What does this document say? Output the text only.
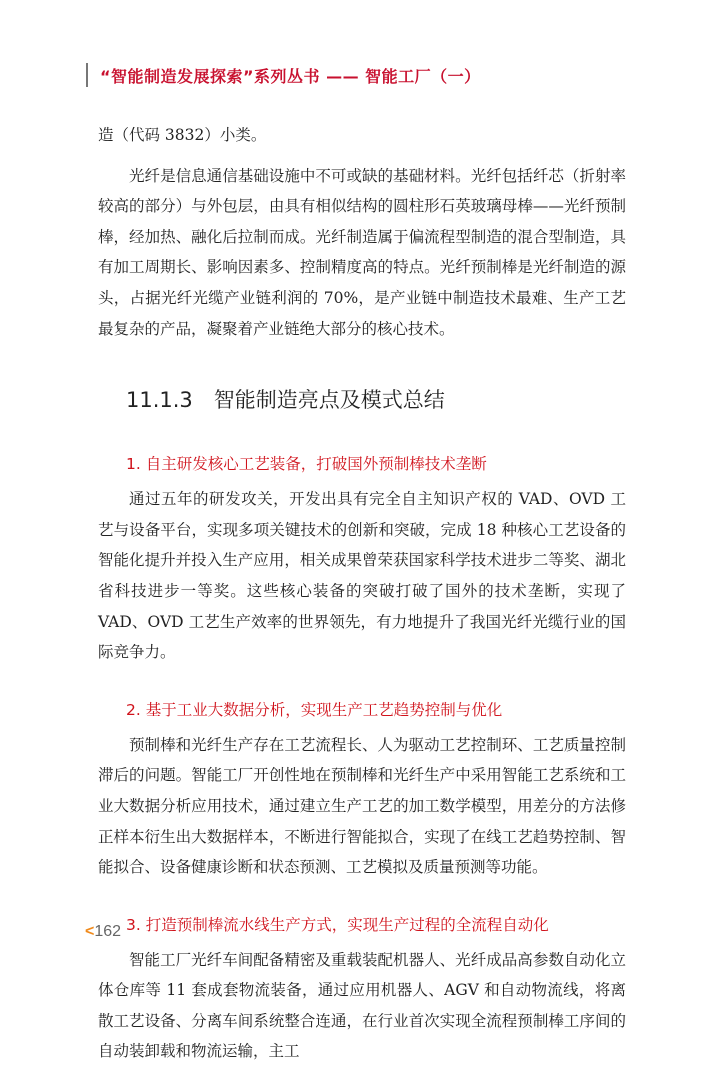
“智能制造发展探索”系列丛书 —— 智能工厂（一）

造（代码 3832）小类。

光纤是信息通信基础设施中不可或缺的基础材料。光纤包括纤芯（折射率较高的部分）与外包层，由具有相似结构的圆柱形石英玻璃母棒——光纤预制棒，经加热、融化后拉制而成。光纤制造属于偏流程型制造的混合型制造，具有加工周期长、影响因素多、控制精度高的特点。光纤预制棒是光纤制造的源头，占据光纤光缆产业链利润的 70%，是产业链中制造技术最难、生产工艺最复杂的产品，凝聚着产业链绝大部分的核心技术。

11.1.3　智能制造亮点及模式总结
1. 自主研发核心工艺装备，打破国外预制棒技术垄断

通过五年的研发攻关，开发出具有完全自主知识产权的 VAD、OVD 工艺与设备平台，实现多项关键技术的创新和突破，完成 18 种核心工艺设备的智能化提升并投入生产应用，相关成果曾荣获国家科学技术进步二等奖、湖北省科技进步一等奖。这些核心装备的突破打破了国外的技术垄断，实现了 VAD、OVD 工艺生产效率的世界领先，有力地提升了我国光纤光缆行业的国际竞争力。

2. 基于工业大数据分析，实现生产工艺趋势控制与优化

预制棒和光纤生产存在工艺流程长、人为驱动工艺控制环、工艺质量控制滞后的问题。智能工厂开创性地在预制棒和光纤生产中采用智能工艺系统和工业大数据分析应用技术，通过建立生产工艺的加工数学模型，用差分的方法修正样本衍生出大数据样本，不断进行智能拟合，实现了在线工艺趋势控制、智能拟合、设备健康诊断和状态预测、工艺模拟及质量预测等功能。

3. 打造预制棒流水线生产方式，实现生产过程的全流程自动化

智能工厂光纤车间配备精密及重载装配机器人、光纤成品高参数自动化立体仓库等 11 套成套物流装备，通过应用机器人、AGV 和自动物流线，将离散工艺设备、分离车间系统整合连通，在行业首次实现全流程预制棒工序间的自动装卸载和物流运输，主工

<162
